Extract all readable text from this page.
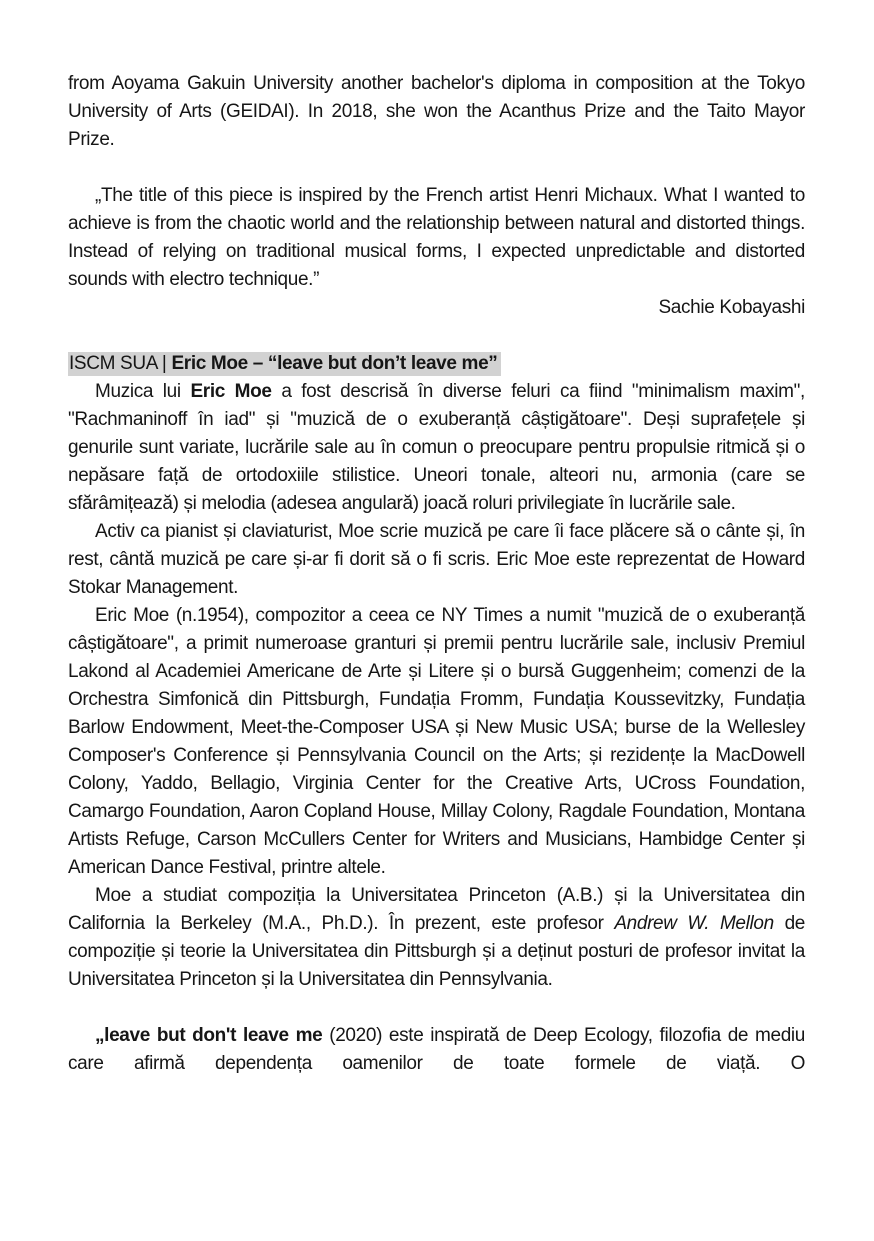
from Aoyama Gakuin University another bachelor's diploma in composition at the Tokyo University of Arts (GEIDAI). In 2018, she won the Acanthus Prize and the Taito Mayor Prize.

„The title of this piece is inspired by the French artist Henri Michaux. What I wanted to achieve is from the chaotic world and the relationship between natural and distorted things. Instead of relying on traditional musical forms, I expected unpredictable and distorted sounds with electro technique.”

Sachie Kobayashi

ISCM SUA | Eric Moe – “leave but don’t leave me”

Muzica lui Eric Moe a fost descrisă în diverse feluri ca fiind "minimalism maxim", "Rachmaninoff în iad" și "muzică de o exuberanță câștigătoare". Deși suprafețele și genurile sunt variate, lucrările sale au în comun o preocupare pentru propulsie ritmică și o nepăsare față de ortodoxiile stilistice. Uneori tonale, alteori nu, armonia (care se sfărâmițează) și melodia (adesea angulară) joacă roluri privilegiate în lucrările sale.

Activ ca pianist și claviaturist, Moe scrie muzică pe care îi face plăcere să o cânte și, în rest, cântă muzică pe care și-ar fi dorit să o fi scris. Eric Moe este reprezentat de Howard Stokar Management.

Eric Moe (n.1954), compozitor a ceea ce NY Times a numit "muzică de o exuberanță câștigătoare", a primit numeroase granturi și premii pentru lucrările sale, inclusiv Premiul Lakond al Academiei Americane de Arte și Litere și o bursă Guggenheim; comenzi de la Orchestra Simfonică din Pittsburgh, Fundația Fromm, Fundația Koussevitzky, Fundația Barlow Endowment, Meet-the-Composer USA și New Music USA; burse de la Wellesley Composer's Conference și Pennsylvania Council on the Arts; și rezidențe la MacDowell Colony, Yaddo, Bellagio, Virginia Center for the Creative Arts, UCross Foundation, Camargo Foundation, Aaron Copland House, Millay Colony, Ragdale Foundation, Montana Artists Refuge, Carson McCullers Center for Writers and Musicians, Hambidge Center și American Dance Festival, printre altele.

Moe a studiat compoziția la Universitatea Princeton (A.B.) și la Universitatea din California la Berkeley (M.A., Ph.D.). În prezent, este profesor Andrew W. Mellon de compoziție și teorie la Universitatea din Pittsburgh și a deținut posturi de profesor invitat la Universitatea Princeton și la Universitatea din Pennsylvania.

„leave but don't leave me (2020) este inspirată de Deep Ecology, filozofia de mediu care afirmă dependența oamenilor de toate formele de viață. O
